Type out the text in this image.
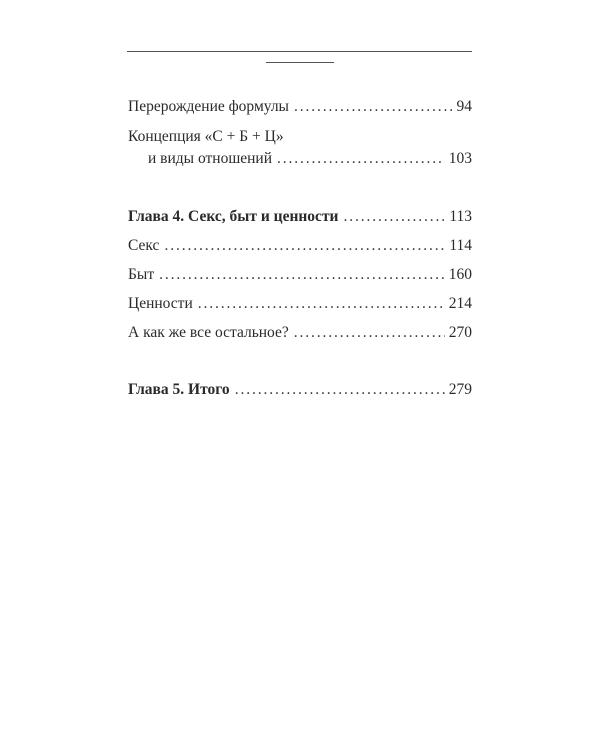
Перерождение формулы . . .	94
Концепция «С + Б + Ц»
и виды отношений . . .	103
Глава 4. Секс, быт и ценности . . .	113
Секс . . .	114
Быт . . .	160
Ценности . . .	214
А как же все остальное? . . .	270
Глава 5. Итого . . .	279
